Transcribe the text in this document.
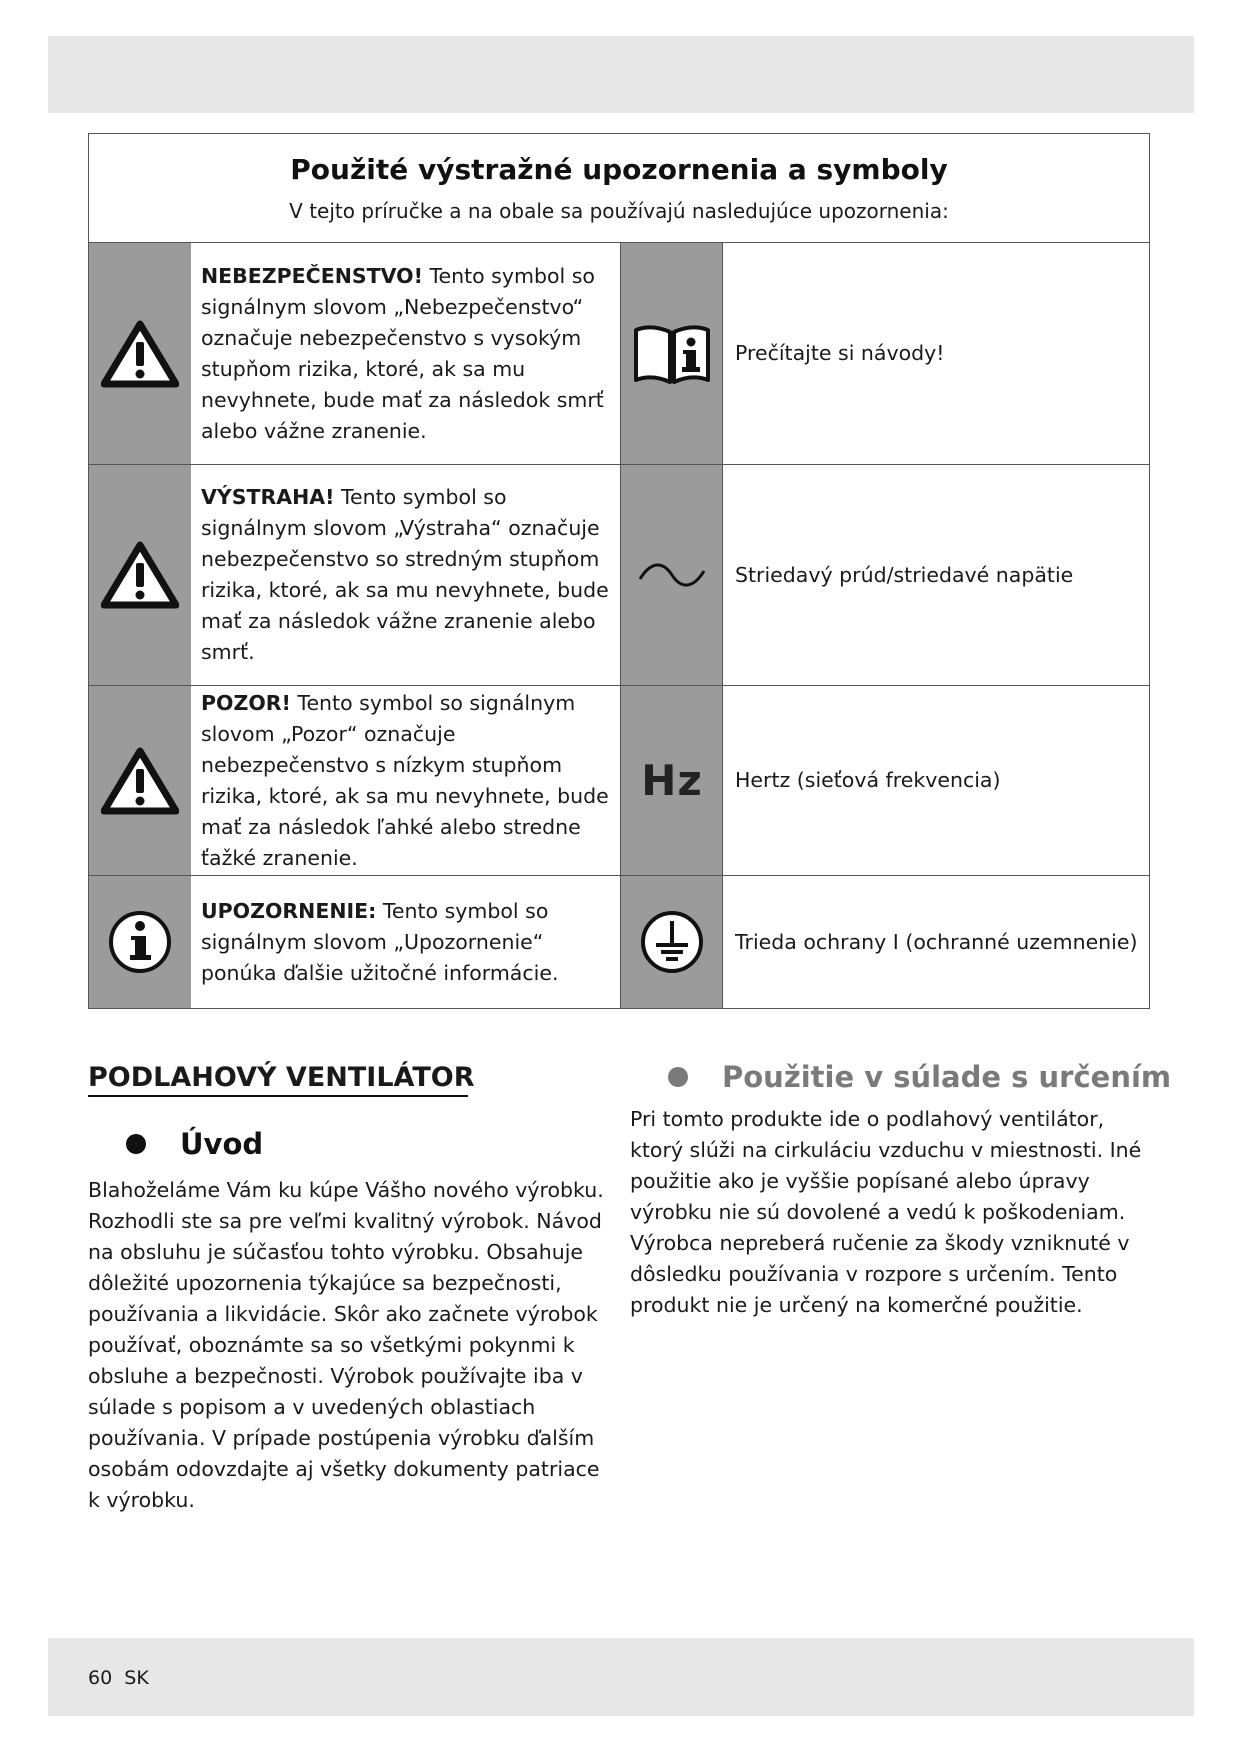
Použité výstražné upozornenia a symboly
V tejto príručke a na obale sa používajú nasledujúce upozornenia:
NEBEZPEČENSTVO! Tento symbol so signálnym slovom „Nebezpečenstvo“ označuje nebezpečenstvo s vysokým stupňom rizika, ktoré, ak sa mu nevyhnete, bude mať za následok smrť alebo vážne zranenie.
Prečítajte si návody!
VÝSTRAHA! Tento symbol so signálnym slovom „Výstraha“ označuje nebezpečenstvo so stredným stupňom rizika, ktoré, ak sa mu nevyhnete, bude mať za následok vážne zranenie alebo smrť.
Striedavý prúd/striedavé napätie
POZOR! Tento symbol so signálnym slovom „Pozor“ označuje nebezpečenstvo s nízkym stupňom rizika, ktoré, ak sa mu nevyhnete, bude mať za následok ľahké alebo stredne ťažké zranenie.
Hz	Hertz (sieťová frekvencia)
UPOZORNENIE: Tento symbol so signálnym slovom „Upozornenie“ ponúka ďalšie užitočné informácie.
Trieda ochrany I (ochranné uzemnenie)
PODLAHOVÝ VENTILÁTOR
Úvod
Blahoželáme Vám ku kúpe Vášho nového výrobku. Rozhodli ste sa pre veľmi kvalitný výrobok. Návod na obsluhu je súčasťou tohto výrobku. Obsahuje dôležité upozornenia týkajúce sa bezpečnosti, používania a likvidácie. Skôr ako začnete výrobok používať, oboznámte sa so všetkými pokynmi k obsluhe a bezpečnosti. Výrobok používajte iba v súlade s popisom a v uvedených oblastiach používania. V prípade postúpenia výrobku ďalším osobám odovzdajte aj všetky dokumenty patriace k výrobku.
Použitie v súlade s určením
Pri tomto produkte ide o podlahový ventilátor, ktorý slúži na cirkuláciu vzduchu v miestnosti. Iné použitie ako je vyššie popísané alebo úpravy výrobku nie sú dovolené a vedú k poškodeniam. Výrobca nepreberá ručenie za škody vzniknuté v dôsledku používania v rozpore s určením. Tento produkt nie je určený na komerčné použitie.
60  SK
